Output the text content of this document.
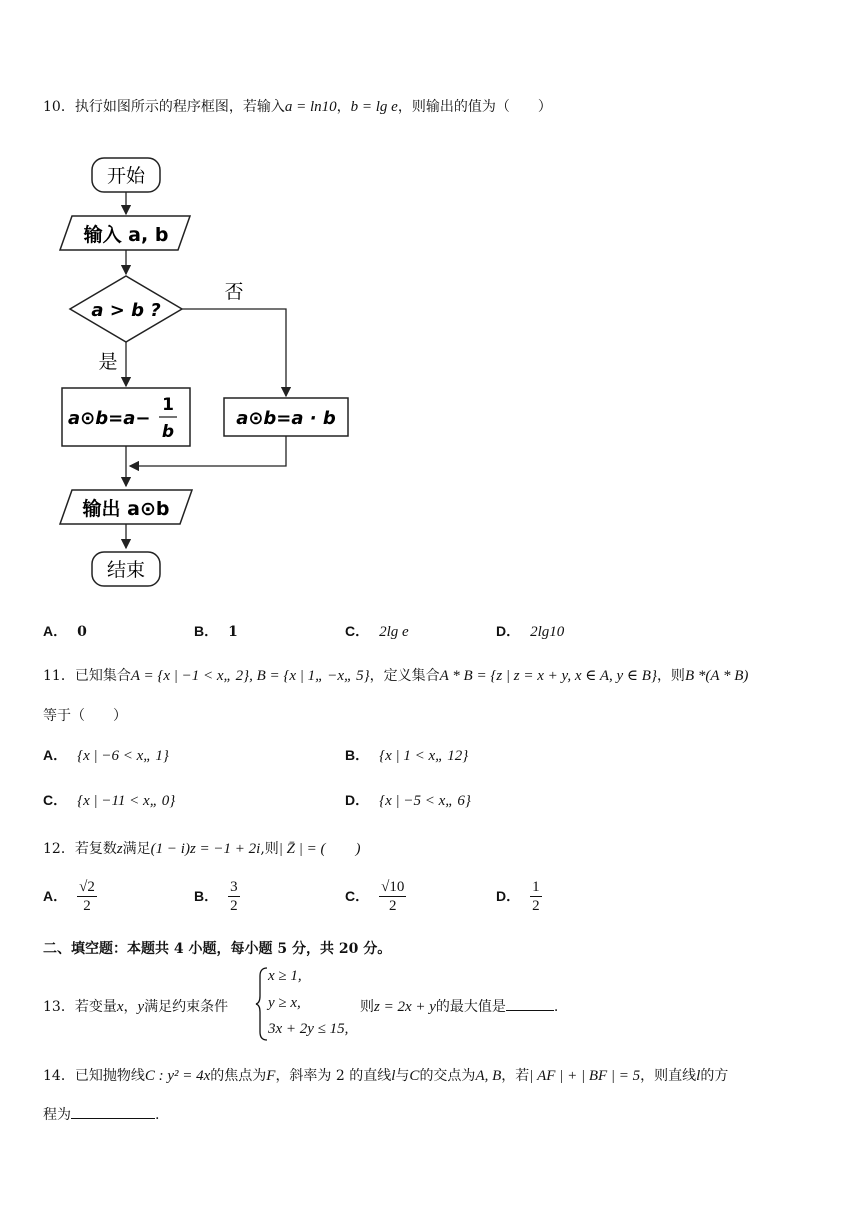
10．执行如图所示的程序框图，若输入a = ln10，b = lg e，则输出的值为（　　）
开始
输入 a, b
a > b ?
否
是
a⊙b=a−
1
b
a⊙b=a · b
输出 a⊙b
结束
A． 0	B． 1	C． 2lg e	D． 2lg10
11．已知集合A = {x | −1 < x„ 2}, B = {x | 1„ −x„ 5}，定义集合A * B = {z | z = x + y, x ∈ A, y ∈ B}，则B *(A * B)
等于（　　）
A． {x | −6 < x„ 1}	B． {x | 1 < x„ 12}
C． {x | −11 < x„ 0}	D． {x | −5 < x„ 6}
12．若复数z满足(1 − i)z = −1 + 2i,则| Z̄ | = (　　)
A． $\frac{√2}{2}$	B． $\frac{3}{2}$	C． $\frac{√10}{2}$	D． $\frac{1}{2}$
二、填空题：本题共 4 小题，每小题 5 分，共 20 分。
13．若变量x，y满足约束条件
x ≥ 1,
y ≥ x,
3x + 2y ≤ 15,
则z = 2x + y的最大值是	.
14．已知抛物线C : y² = 4x的焦点为F，斜率为 2 的直线l与C的交点为A, B，若| AF | + | BF | = 5，则直线l的方
程为	.
